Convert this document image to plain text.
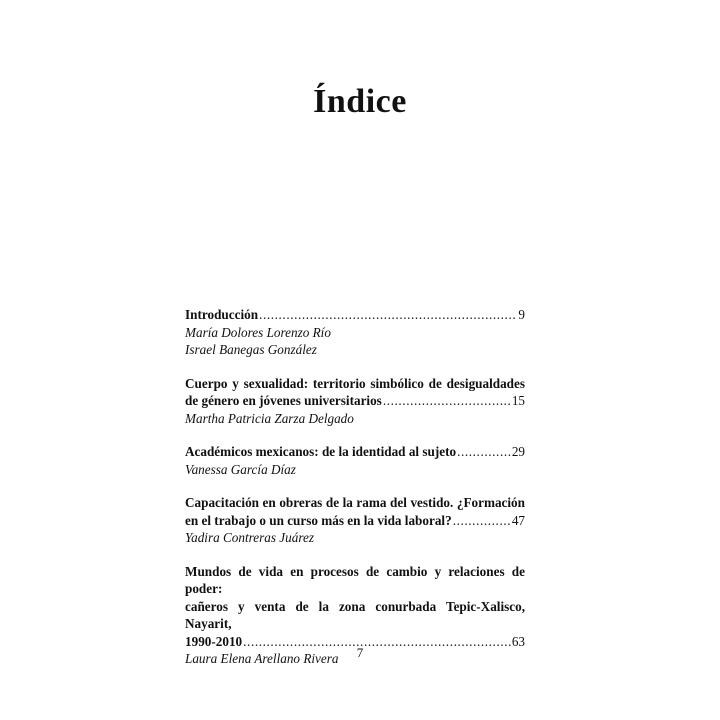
Índice
Introducción .....	9
María Dolores Lorenzo Río
Israel Banegas González
Cuerpo y sexualidad: territorio simbólico de desigualdades
de género en jóvenes universitarios .....	15
Martha Patricia Zarza Delgado
Académicos mexicanos: de la identidad al sujeto .....	29
Vanessa García Díaz
Capacitación en obreras de la rama del vestido. ¿Formación
en el trabajo o un curso más en la vida laboral? .....	47
Yadira Contreras Juárez
Mundos de vida en procesos de cambio y relaciones de poder:
cañeros y venta de la zona conurbada Tepic-Xalisco, Nayarit,
1990-2010 .....	63
Laura Elena Arellano Rivera	7
